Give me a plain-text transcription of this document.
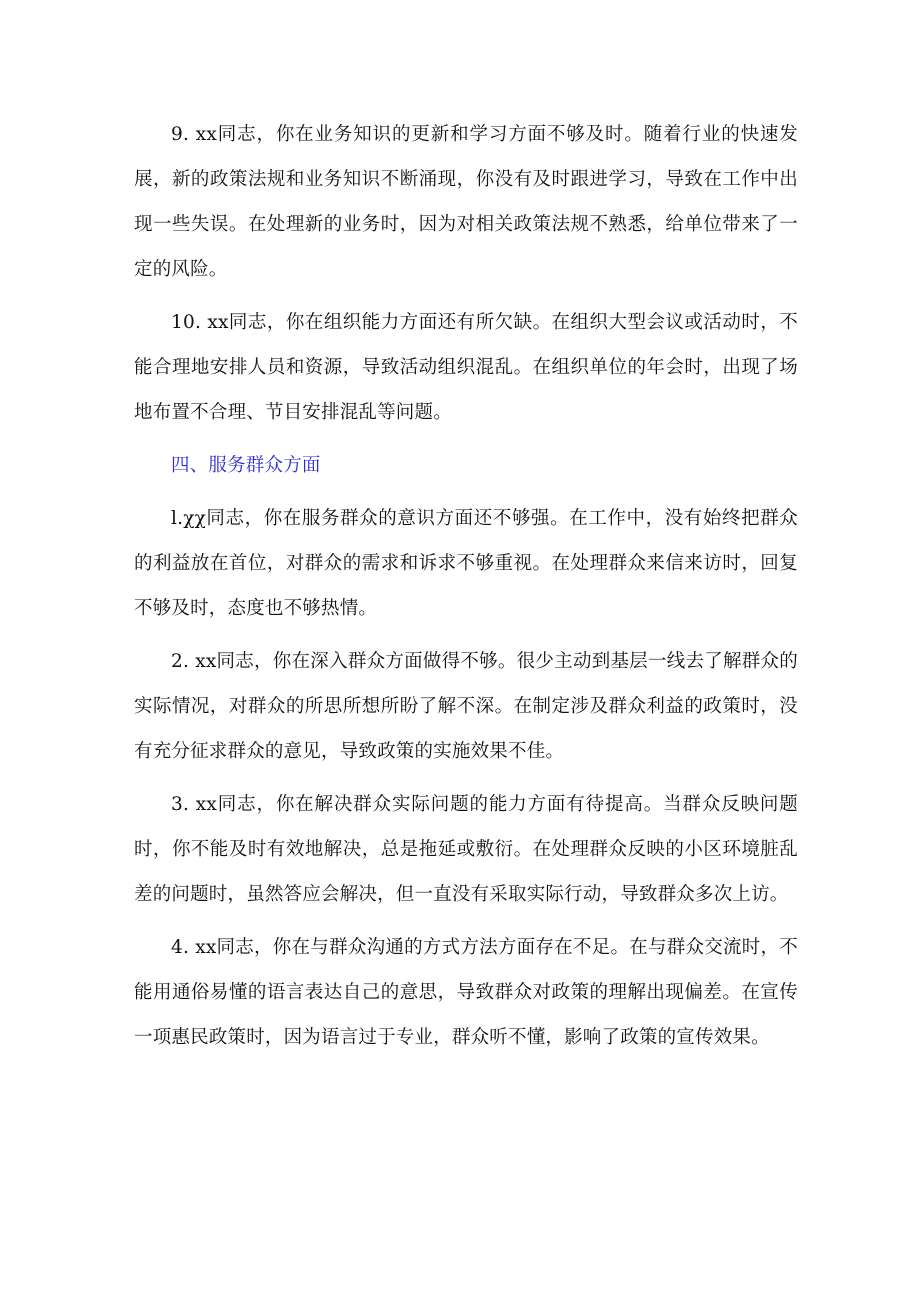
9. xx同志，你在业务知识的更新和学习方面不够及时。随着行业的快速发展，新的政策法规和业务知识不断涌现，你没有及时跟进学习，导致在工作中出现一些失误。在处理新的业务时，因为对相关政策法规不熟悉，给单位带来了一定的风险。

10. xx同志，你在组织能力方面还有所欠缺。在组织大型会议或活动时，不能合理地安排人员和资源，导致活动组织混乱。在组织单位的年会时，出现了场地布置不合理、节目安排混乱等问题。

四、服务群众方面

l.χχ同志，你在服务群众的意识方面还不够强。在工作中，没有始终把群众的利益放在首位，对群众的需求和诉求不够重视。在处理群众来信来访时，回复不够及时，态度也不够热情。

2. xx同志，你在深入群众方面做得不够。很少主动到基层一线去了解群众的实际情况，对群众的所思所想所盼了解不深。在制定涉及群众利益的政策时，没有充分征求群众的意见，导致政策的实施效果不佳。

3. xx同志，你在解决群众实际问题的能力方面有待提高。当群众反映问题时，你不能及时有效地解决，总是拖延或敷衍。在处理群众反映的小区环境脏乱差的问题时，虽然答应会解决，但一直没有采取实际行动，导致群众多次上访。

4. xx同志，你在与群众沟通的方式方法方面存在不足。在与群众交流时，不能用通俗易懂的语言表达自己的意思，导致群众对政策的理解出现偏差。在宣传一项惠民政策时，因为语言过于专业，群众听不懂，影响了政策的宣传效果。
